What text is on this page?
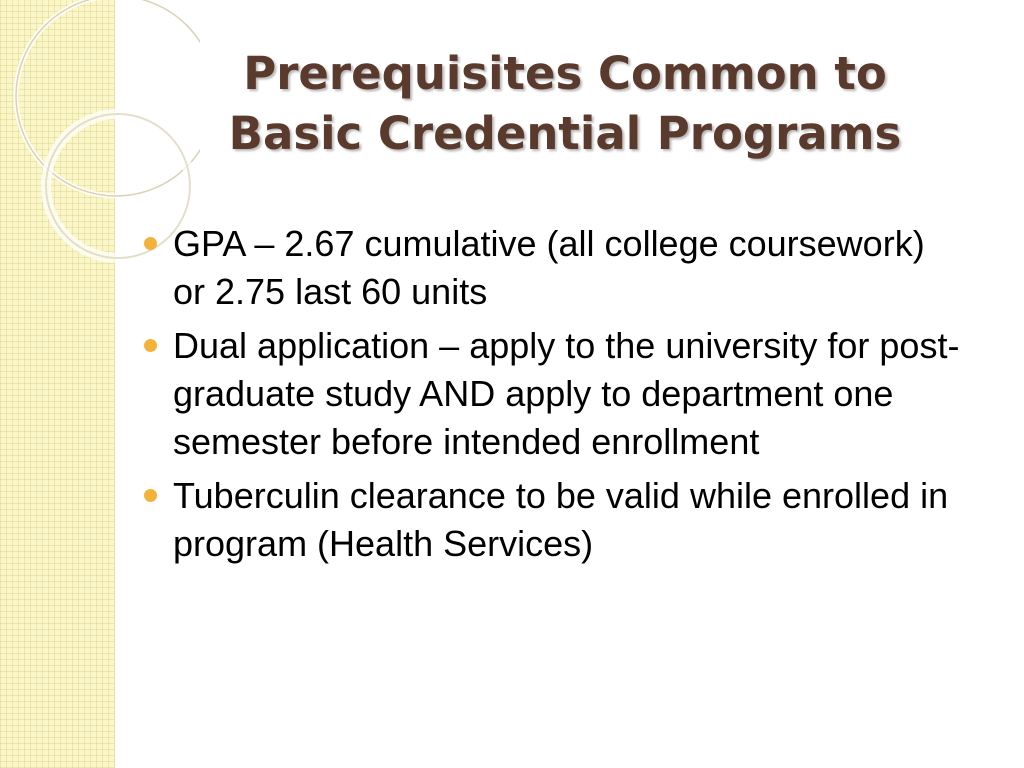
Prerequisites Common to
Basic Credential Programs
GPA – 2.67 cumulative (all college coursework) or 2.75 last 60 units
Dual application – apply to the university for post-graduate study AND apply to department one semester before intended enrollment
Tuberculin clearance to be valid while enrolled in program (Health Services)
